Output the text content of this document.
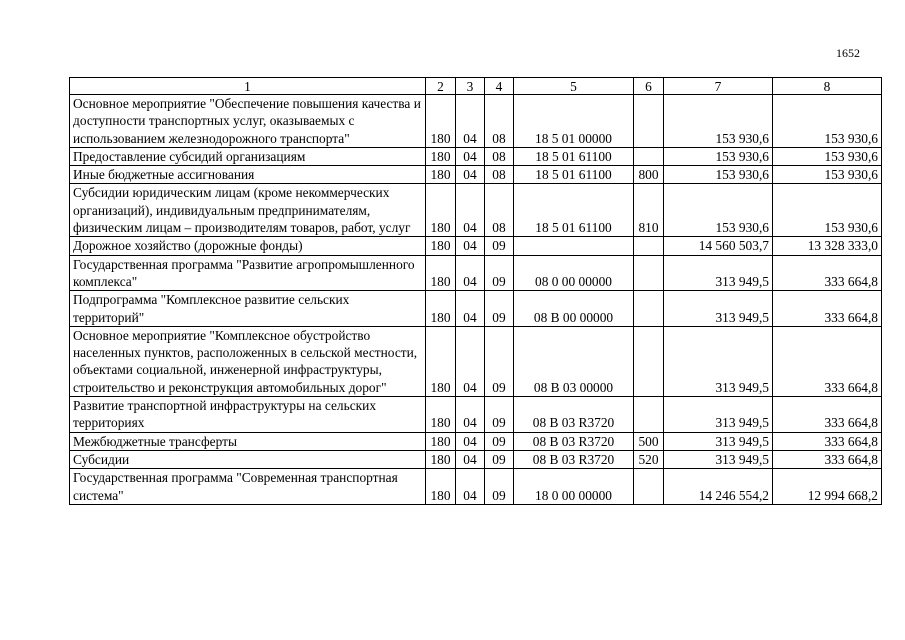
1652
1	2	3	4	5	6	7	8
Основное мероприятие "Обеспечение повышения качества и доступности транспортных услуг, оказываемых с использованием железнодорожного транспорта"	180	04	08	18 5 01 00000		153 930,6	153 930,6
Предоставление субсидий организациям	180	04	08	18 5 01 61100		153 930,6	153 930,6
Иные бюджетные ассигнования	180	04	08	18 5 01 61100	800	153 930,6	153 930,6
Субсидии юридическим лицам (кроме некоммерческих организаций), индивидуальным предпринимателям, физическим лицам – производителям товаров, работ, услуг	180	04	08	18 5 01 61100	810	153 930,6	153 930,6
Дорожное хозяйство (дорожные фонды)	180	04	09			14 560 503,7	13 328 333,0
Государственная программа "Развитие агропромышленного комплекса"	180	04	09	08 0 00 00000		313 949,5	333 664,8
Подпрограмма "Комплексное развитие сельских территорий"	180	04	09	08 В 00 00000		313 949,5	333 664,8
Основное мероприятие "Комплексное обустройство населенных пунктов, расположенных в сельской местности, объектами социальной, инженерной инфраструктуры, строительство и реконструкция автомобильных дорог"	180	04	09	08 В 03 00000		313 949,5	333 664,8
Развитие транспортной инфраструктуры на сельских территориях	180	04	09	08 В 03 R3720		313 949,5	333 664,8
Межбюджетные трансферты	180	04	09	08 В 03 R3720	500	313 949,5	333 664,8
Субсидии	180	04	09	08 В 03 R3720	520	313 949,5	333 664,8
Государственная программа "Современная транспортная система"	180	04	09	18 0 00 00000		14 246 554,2	12 994 668,2
